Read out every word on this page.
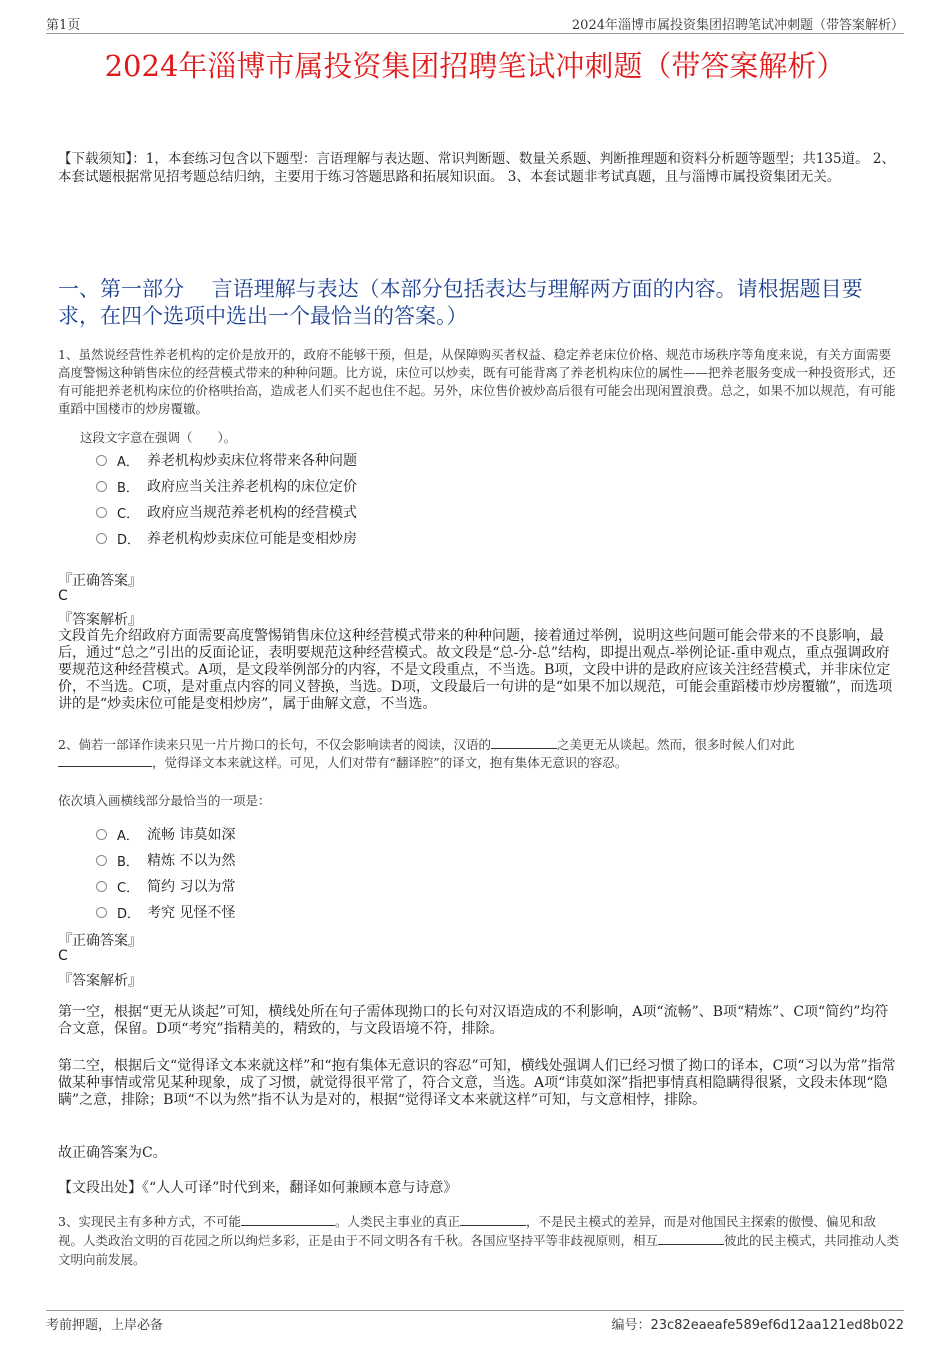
第1页	2024年淄博市属投资集团招聘笔试冲刺题（带答案解析）
2024年淄博市属投资集团招聘笔试冲刺题（带答案解析）
【下载须知】：1，本套练习包含以下题型：言语理解与表达题、常识判断题、数量关系题、判断推理题和资料分析题等题型；共135道。 2、本套试题根据常见招考题总结归纳，主要用于练习答题思路和拓展知识面。 3、本套试题非考试真题，且与淄博市属投资集团无关。
一、第一部分　 言语理解与表达（本部分包括表达与理解两方面的内容。请根据题目要求，在四个选项中选出一个最恰当的答案。）
1、虽然说经营性养老机构的定价是放开的，政府不能够干预，但是，从保障购买者权益、稳定养老床位价格、规范市场秩序等角度来说，有关方面需要高度警惕这种销售床位的经营模式带来的种种问题。比方说，床位可以炒卖，既有可能背离了养老机构床位的属性——把养老服务变成一种投资形式，还有可能把养老机构床位的价格哄抬高，造成老人们买不起也住不起。另外，床位售价被炒高后很有可能会出现闲置浪费。总之，如果不加以规范，有可能重蹈中国楼市的炒房覆辙。
这段文字意在强调（　　）。
A． 养老机构炒卖床位将带来各种问题
B． 政府应当关注养老机构的床位定价
C． 政府应当规范养老机构的经营模式
D． 养老机构炒卖床位可能是变相炒房
『正确答案』
C
『答案解析』
文段首先介绍政府方面需要高度警惕销售床位这种经营模式带来的种种问题，接着通过举例，说明这些问题可能会带来的不良影响，最后，通过“总之”引出的反面论证，表明要规范这种经营模式。故文段是“总-分-总”结构，即提出观点-举例论证-重申观点，重点强调政府要规范这种经营模式。A项，是文段举例部分的内容，不是文段重点，不当选。B项，文段中讲的是政府应该关注经营模式，并非床位定价，不当选。C项，是对重点内容的同义替换，当选。D项，文段最后一句讲的是“如果不加以规范，可能会重蹈楼市炒房覆辙”，而选项讲的是“炒卖床位可能是变相炒房”，属于曲解文意，不当选。
2、倘若一部译作读来只见一片片拗口的长句，不仅会影响读者的阅读，汉语的	之美更无从谈起。然而，很多时候人们对此
，觉得译文本来就这样。可见，人们对带有“翻译腔”的译文，抱有集体无意识的容忍。
依次填入画横线部分最恰当的一项是：
A． 流畅 讳莫如深
B． 精炼 不以为然
C． 简约 习以为常
D． 考究 见怪不怪
『正确答案』
C
『答案解析』
第一空，根据“更无从谈起”可知，横线处所在句子需体现拗口的长句对汉语造成的不利影响，A项“流畅”、B项“精炼”、C项“简约”均符合文意，保留。D项“考究”指精美的，精致的，与文段语境不符，排除。
第二空，根据后文“觉得译文本来就这样”和“抱有集体无意识的容忍”可知，横线处强调人们已经习惯了拗口的译本，C项“习以为常”指常做某种事情或常见某种现象，成了习惯，就觉得很平常了，符合文意，当选。A项“讳莫如深”指把事情真相隐瞒得很紧，文段未体现“隐瞒”之意，排除；B项“不以为然”指不认为是对的，根据“觉得译文本来就这样”可知，与文意相悖，排除。
故正确答案为C。
【文段出处】《“人人可译”时代到来，翻译如何兼顾本意与诗意》
3、实现民主有多种方式，不可能	。人类民主事业的真正	，不是民主模式的差异，而是对他国民主探索的傲慢、偏见和敌视。人类政治文明的百花园之所以绚烂多彩，正是由于不同文明各有千秋。各国应坚持平等非歧视原则，相互	彼此的民主模式，共同推动人类文明向前发展。
考前押题，上岸必备	编号：23c82eaeafe589ef6d12aa121ed8b022
